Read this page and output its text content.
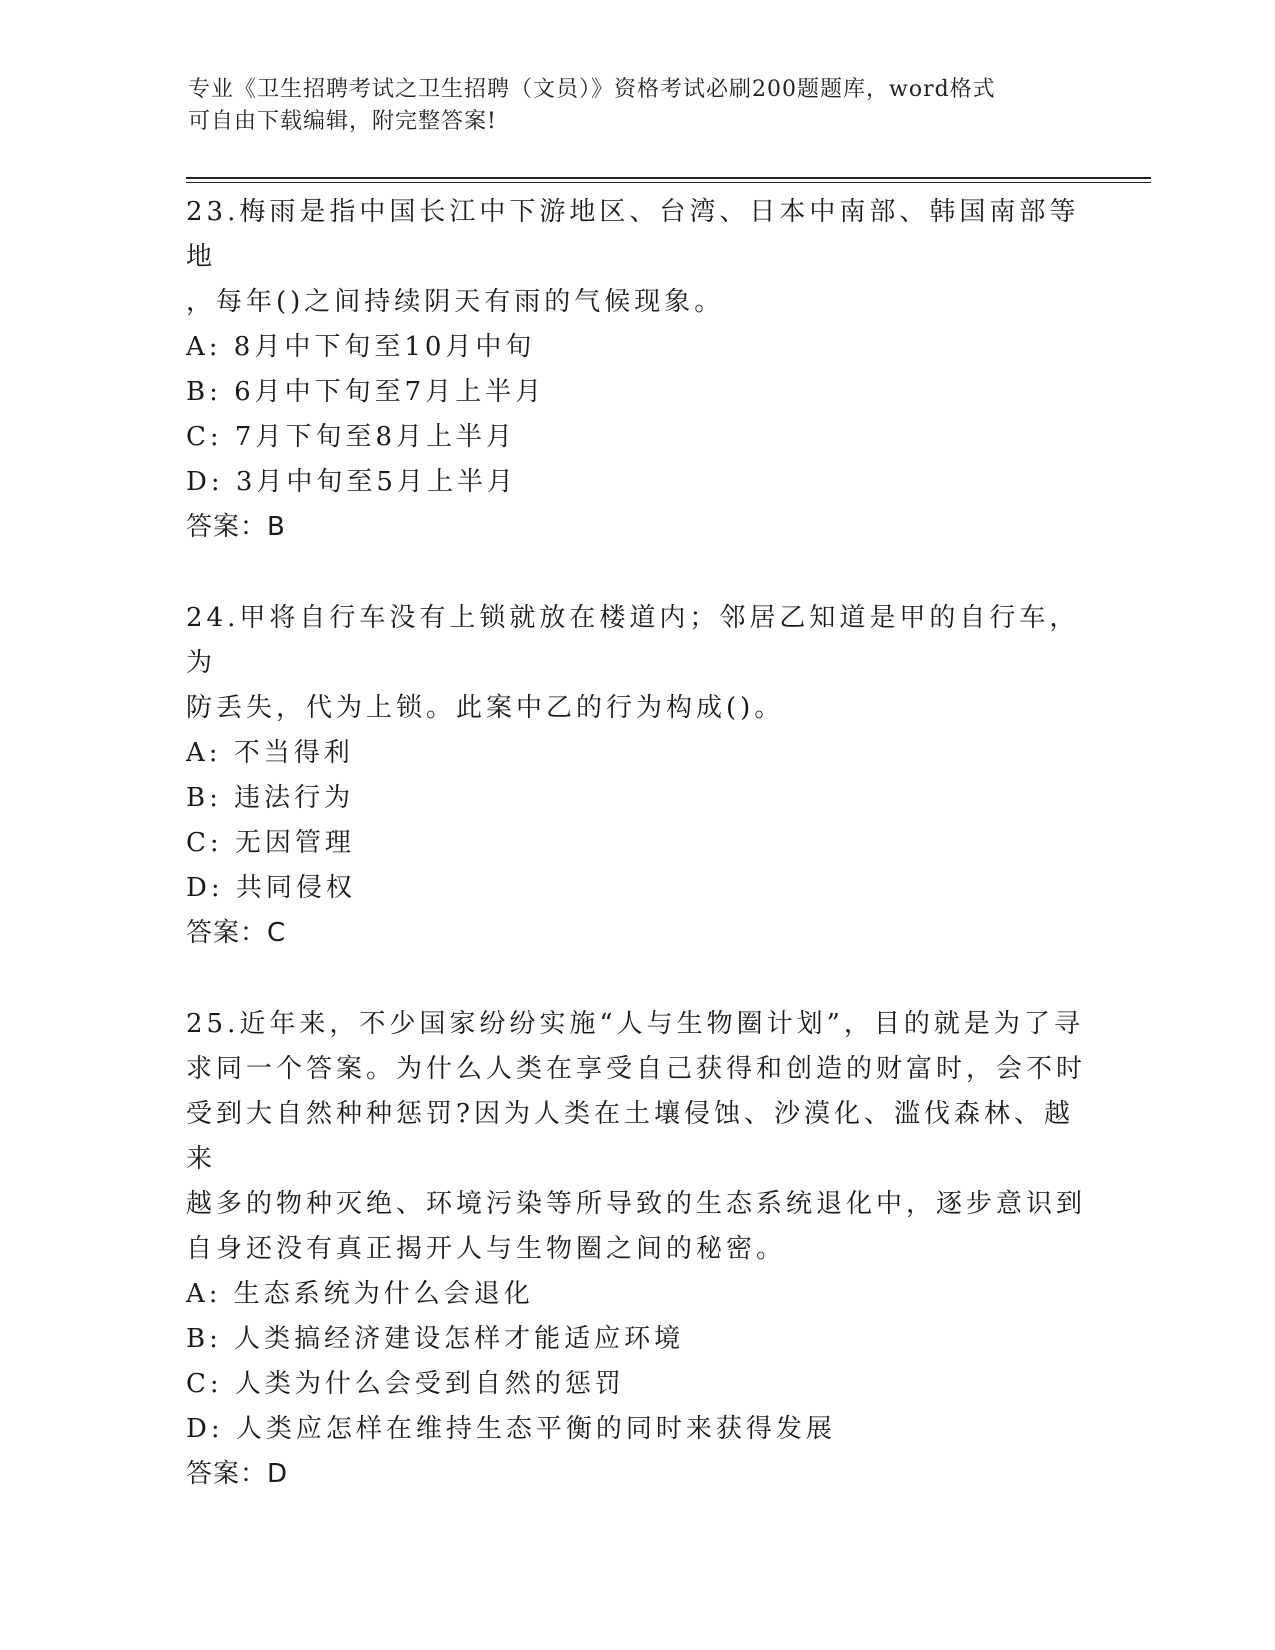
专业《卫生招聘考试之卫生招聘（文员）》资格考试必刷200题题库，word格式
可自由下载编辑，附完整答案!

23.梅雨是指中国长江中下游地区、台湾、日本中南部、韩国南部等地

，每年()之间持续阴天有雨的气候现象。

A: 8月中下旬至10月中旬

B: 6月中下旬至7月上半月

C: 7月下旬至8月上半月

D: 3月中旬至5月上半月

答案：B

24.甲将自行车没有上锁就放在楼道内；邻居乙知道是甲的自行车，为

防丢失，代为上锁。此案中乙的行为构成()。

A: 不当得利

B: 违法行为

C: 无因管理

D: 共同侵权

答案：C

25.近年来，不少国家纷纷实施“人与生物圈计划”，目的就是为了寻

求同一个答案。为什么人类在享受自己获得和创造的财富时，会不时

受到大自然种种惩罚?因为人类在土壤侵蚀、沙漠化、滥伐森林、越来

越多的物种灭绝、环境污染等所导致的生态系统退化中，逐步意识到

自身还没有真正揭开人与生物圈之间的秘密。

A: 生态系统为什么会退化

B: 人类搞经济建设怎样才能适应环境

C: 人类为什么会受到自然的惩罚

D: 人类应怎样在维持生态平衡的同时来获得发展

答案：D
